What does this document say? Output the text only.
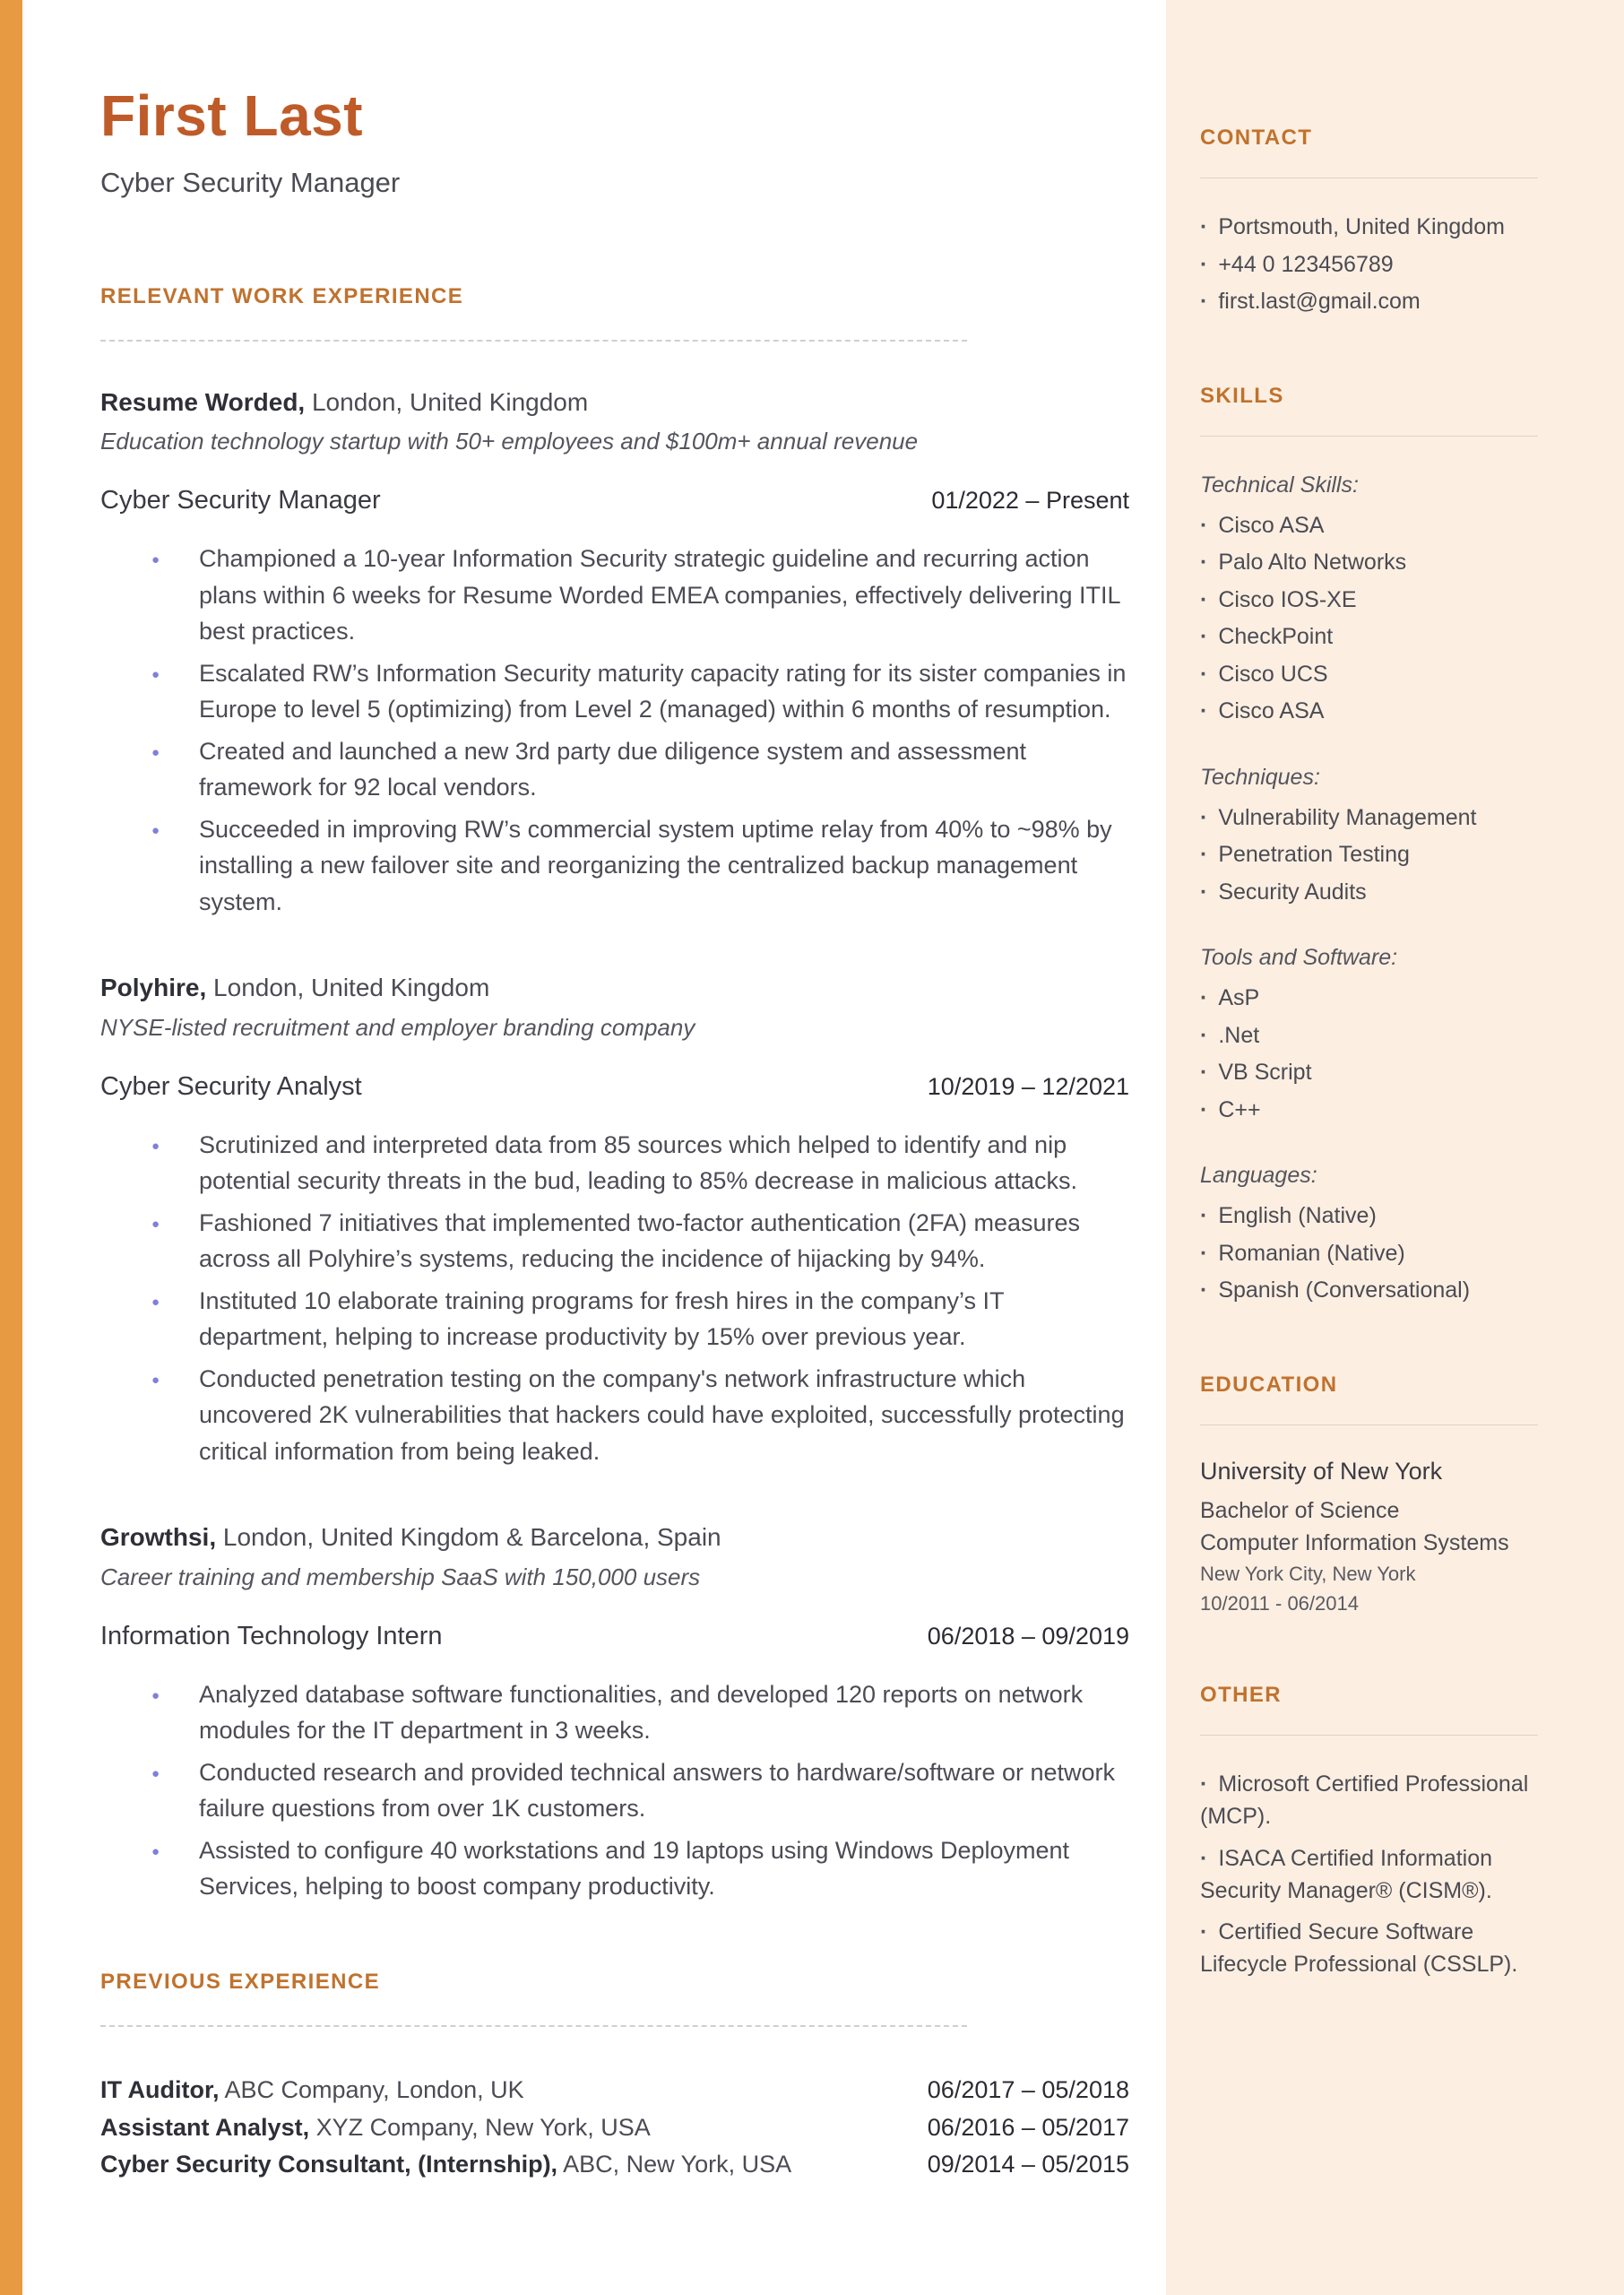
First Last
Cyber Security Manager
RELEVANT WORK EXPERIENCE
Resume Worded, London, United Kingdom
Education technology startup with 50+ employees and $100m+ annual revenue
Cyber Security Manager	01/2022 – Present
● Championed a 10-year Information Security strategic guideline and recurring action plans within 6 weeks for Resume Worded EMEA companies, effectively delivering ITIL best practices.
● Escalated RW’s Information Security maturity capacity rating for its sister companies in Europe to level 5 (optimizing) from Level 2 (managed) within 6 months of resumption.
● Created and launched a new 3rd party due diligence system and assessment framework for 92 local vendors.
● Succeeded in improving RW’s commercial system uptime relay from 40% to ~98% by installing a new failover site and reorganizing the centralized backup management system.
Polyhire, London, United Kingdom
NYSE-listed recruitment and employer branding company
Cyber Security Analyst	10/2019 – 12/2021
● Scrutinized and interpreted data from 85 sources which helped to identify and nip potential security threats in the bud, leading to 85% decrease in malicious attacks.
● Fashioned 7 initiatives that implemented two-factor authentication (2FA) measures across all Polyhire’s systems, reducing the incidence of hijacking by 94%.
● Instituted 10 elaborate training programs for fresh hires in the company’s IT department, helping to increase productivity by 15% over previous year.
● Conducted penetration testing on the company's network infrastructure which uncovered 2K vulnerabilities that hackers could have exploited, successfully protecting critical information from being leaked.
Growthsi, London, United Kingdom & Barcelona, Spain
Career training and membership SaaS with 150,000 users
Information Technology Intern	06/2018 – 09/2019
● Analyzed database software functionalities, and developed 120 reports on network modules for the IT department in 3 weeks.
● Conducted research and provided technical answers to hardware/software or network failure questions from over 1K customers.
● Assisted to configure 40 workstations and 19 laptops using Windows Deployment Services, helping to boost company productivity.
PREVIOUS EXPERIENCE
IT Auditor, ABC Company, London, UK	06/2017 – 05/2018
Assistant Analyst, XYZ Company, New York, USA	06/2016 – 05/2017
Cyber Security Consultant, (Internship), ABC, New York, USA	09/2014 – 05/2015
CONTACT
· Portsmouth, United Kingdom
· +44 0 123456789
· first.last@gmail.com
SKILLS
Technical Skills:
· Cisco ASA
· Palo Alto Networks
· Cisco IOS-XE
· CheckPoint
· Cisco UCS
· Cisco ASA
Techniques:
· Vulnerability Management
· Penetration Testing
· Security Audits
Tools and Software:
· AsP
· .Net
· VB Script
· C++
Languages:
· English (Native)
· Romanian (Native)
· Spanish (Conversational)
EDUCATION
University of New York
Bachelor of Science
Computer Information Systems
New York City, New York
10/2011 - 06/2014
OTHER
· Microsoft Certified Professional (MCP).
· ISACA Certified Information Security Manager® (CISM®).
· Certified Secure Software Lifecycle Professional (CSSLP).
